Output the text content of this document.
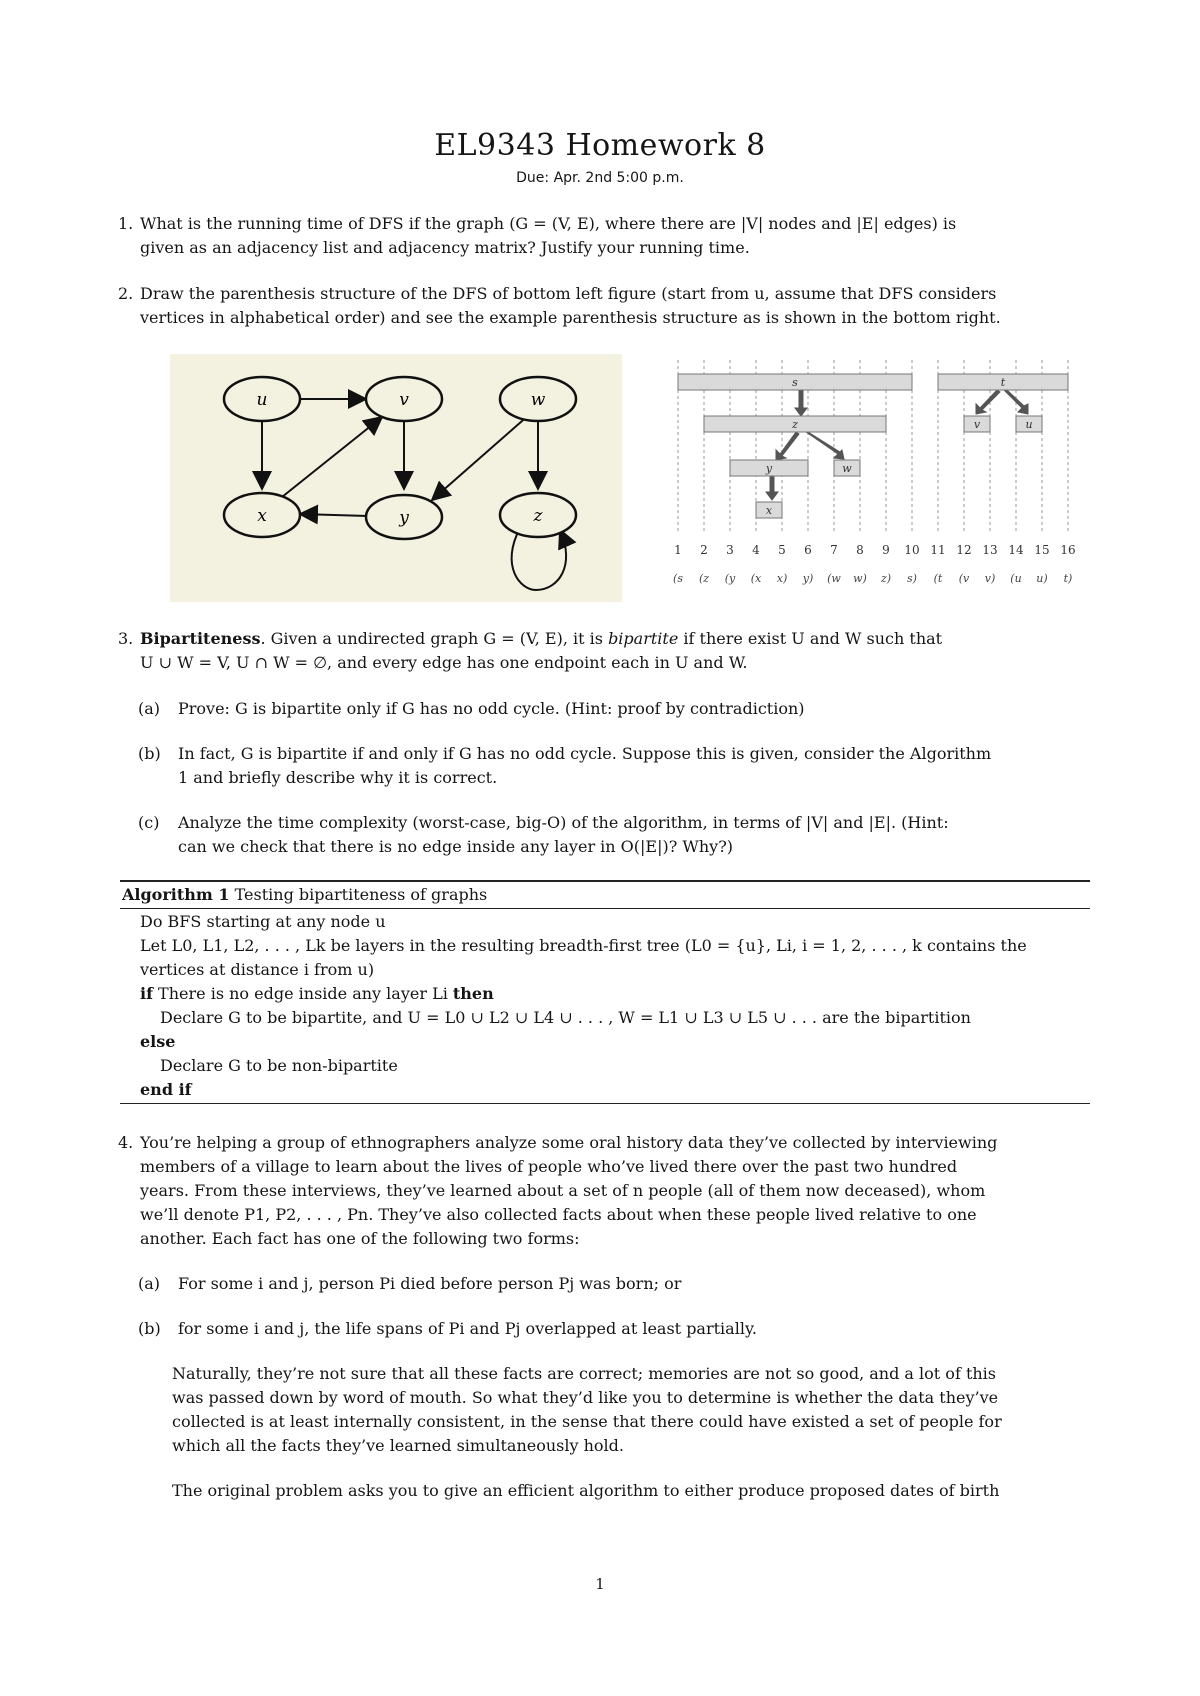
EL9343 Homework 8
Due: Apr. 2nd 5:00 p.m.
1. What is the running time of DFS if the graph (G = (V, E), where there are |V| nodes and |E| edges) is
given as an adjacency list and adjacency matrix? Justify your running time.
2. Draw the parenthesis structure of the DFS of bottom left figure (start from u, assume that DFS considers
vertices in alphabetical order) and see the example parenthesis structure as is shown in the bottom right.
u	v	w
x	y	z
s	t
z	v	u
y	w
x
1 2 3 4 5 6 7 8 9 10 11 12 13 14 15 16
(s (z (y (x x) y) (w w) z) s) (t (v v) (u u) t)
3. Bipartiteness. Given a undirected graph G = (V, E), it is bipartite if there exist U and W such that
U ∪ W = V, U ∩ W = ∅, and every edge has one endpoint each in U and W.
(a) Prove: G is bipartite only if G has no odd cycle. (Hint: proof by contradiction)
(b) In fact, G is bipartite if and only if G has no odd cycle. Suppose this is given, consider the Algorithm
1 and briefly describe why it is correct.
(c) Analyze the time complexity (worst-case, big-O) of the algorithm, in terms of |V| and |E|. (Hint:
can we check that there is no edge inside any layer in O(|E|)? Why?)
Algorithm 1 Testing bipartiteness of graphs
Do BFS starting at any node u
Let L0, L1, L2, . . . , Lk be layers in the resulting breadth-first tree (L0 = {u}, Li, i = 1, 2, . . . , k contains the
vertices at distance i from u)
if There is no edge inside any layer Li then
Declare G to be bipartite, and U = L0 ∪ L2 ∪ L4 ∪ . . . , W = L1 ∪ L3 ∪ L5 ∪ . . . are the bipartition
else
Declare G to be non-bipartite
end if
4. You’re helping a group of ethnographers analyze some oral history data they’ve collected by interviewing
members of a village to learn about the lives of people who’ve lived there over the past two hundred
years. From these interviews, they’ve learned about a set of n people (all of them now deceased), whom
we’ll denote P1, P2, . . . , Pn. They’ve also collected facts about when these people lived relative to one
another. Each fact has one of the following two forms:
(a) For some i and j, person Pi died before person Pj was born; or
(b) for some i and j, the life spans of Pi and Pj overlapped at least partially.
Naturally, they’re not sure that all these facts are correct; memories are not so good, and a lot of this
was passed down by word of mouth. So what they’d like you to determine is whether the data they’ve
collected is at least internally consistent, in the sense that there could have existed a set of people for
which all the facts they’ve learned simultaneously hold.
The original problem asks you to give an efficient algorithm to either produce proposed dates of birth
1
